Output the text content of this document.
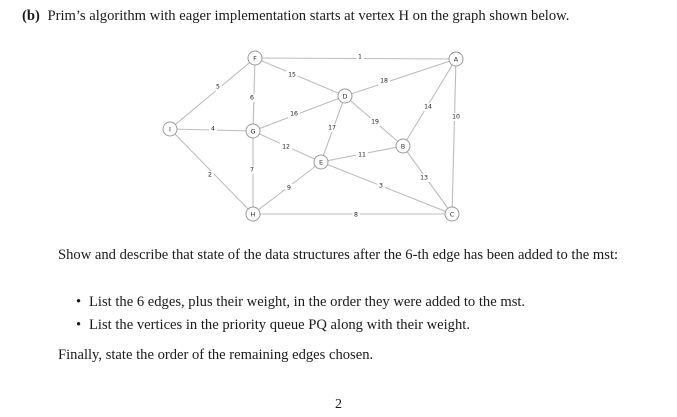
(b) Prim’s algorithm with eager implementation starts at vertex H on the graph shown below.
1
5
6
15
18
16
17
19
14
10
4
2
12
7
11
9	3
13
8
F	A
D
I	G
B
E
H	C
Show and describe that state of the data structures after the 6-th edge has been added to the mst:
• List the 6 edges, plus their weight, in the order they were added to the mst.
• List the vertices in the priority queue PQ along with their weight.
Finally, state the order of the remaining edges chosen.
2
